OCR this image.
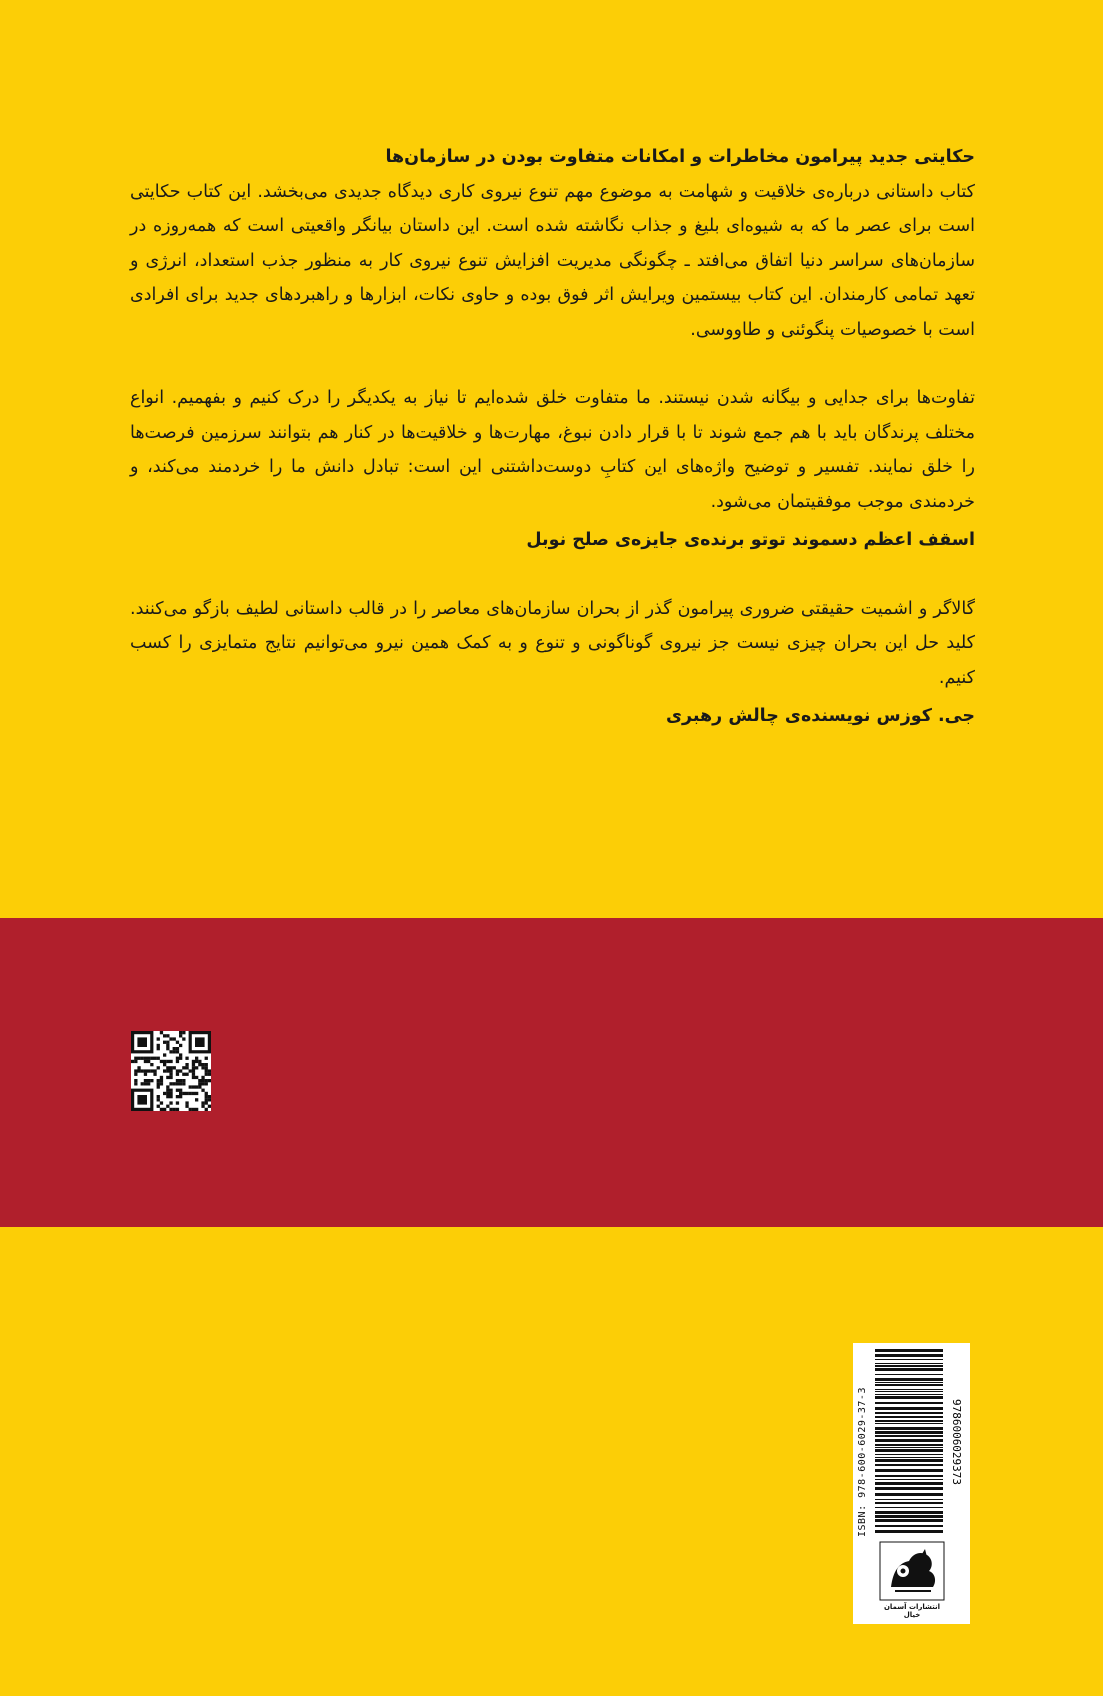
حکایتی جدید پیرامون مخاطرات و امکانات متفاوت بودن در سازمان‌ها

کتاب داستانی درباره‌ی خلاقیت و شهامت به موضوع مهم تنوع نیروی کاری دیدگاه جدیدی می‌بخشد. این کتاب حکایتی است برای عصر ما که به شیوه‌ای بلیغ و جذاب نگاشته شده است. این داستان بیانگر واقعیتی است که همه‌روزه در سازمان‌های سراسر دنیا اتفاق می‌افتد ـ چگونگی مدیریت افزایش تنوع نیروی کار به منظور جذب استعداد، انرژی و تعهد تمامی کارمندان. این کتاب بیستمین ویرایش اثر فوق بوده و حاوی نکات، ابزارها و راهبردهای جدید برای افرادی است با خصوصیات پنگوئنی و طاووسی.

تفاوت‌ها برای جدایی و بیگانه شدن نیستند. ما متفاوت خلق شده‌ایم تا نیاز به یکدیگر را درک کنیم و بفهمیم. انواع مختلف پرندگان باید با هم جمع شوند تا با قرار دادن نبوغ، مهارت‌ها و خلاقیت‌ها در کنار هم بتوانند سرزمین فرصت‌ها را خلق نمایند. تفسیر و توضیح واژه‌های این کتابِ دوست‌داشتنی این است: تبادل دانش ما را خردمند می‌کند، و خردمندی موجب موفقیتمان می‌شود.

اسقف اعظم دسموند توتو برنده‌ی جایزه‌ی صلح نوبل

گالاگر و اشمیت حقیقتی ضروری پیرامون گذر از بحران سازمان‌های معاصر را در قالب داستانی لطیف بازگو می‌کنند. کلید حل این بحران چیزی نیست جز نیروی گوناگونی و تنوع و به کمک همین نیرو می‌توانیم نتایج متمایزی را کسب کنیم.

جی. کوزس نویسنده‌ی چالش رهبری

ISBN: 978-600-6029-37-3	9786006029373
انتشارات آسمان خیال
